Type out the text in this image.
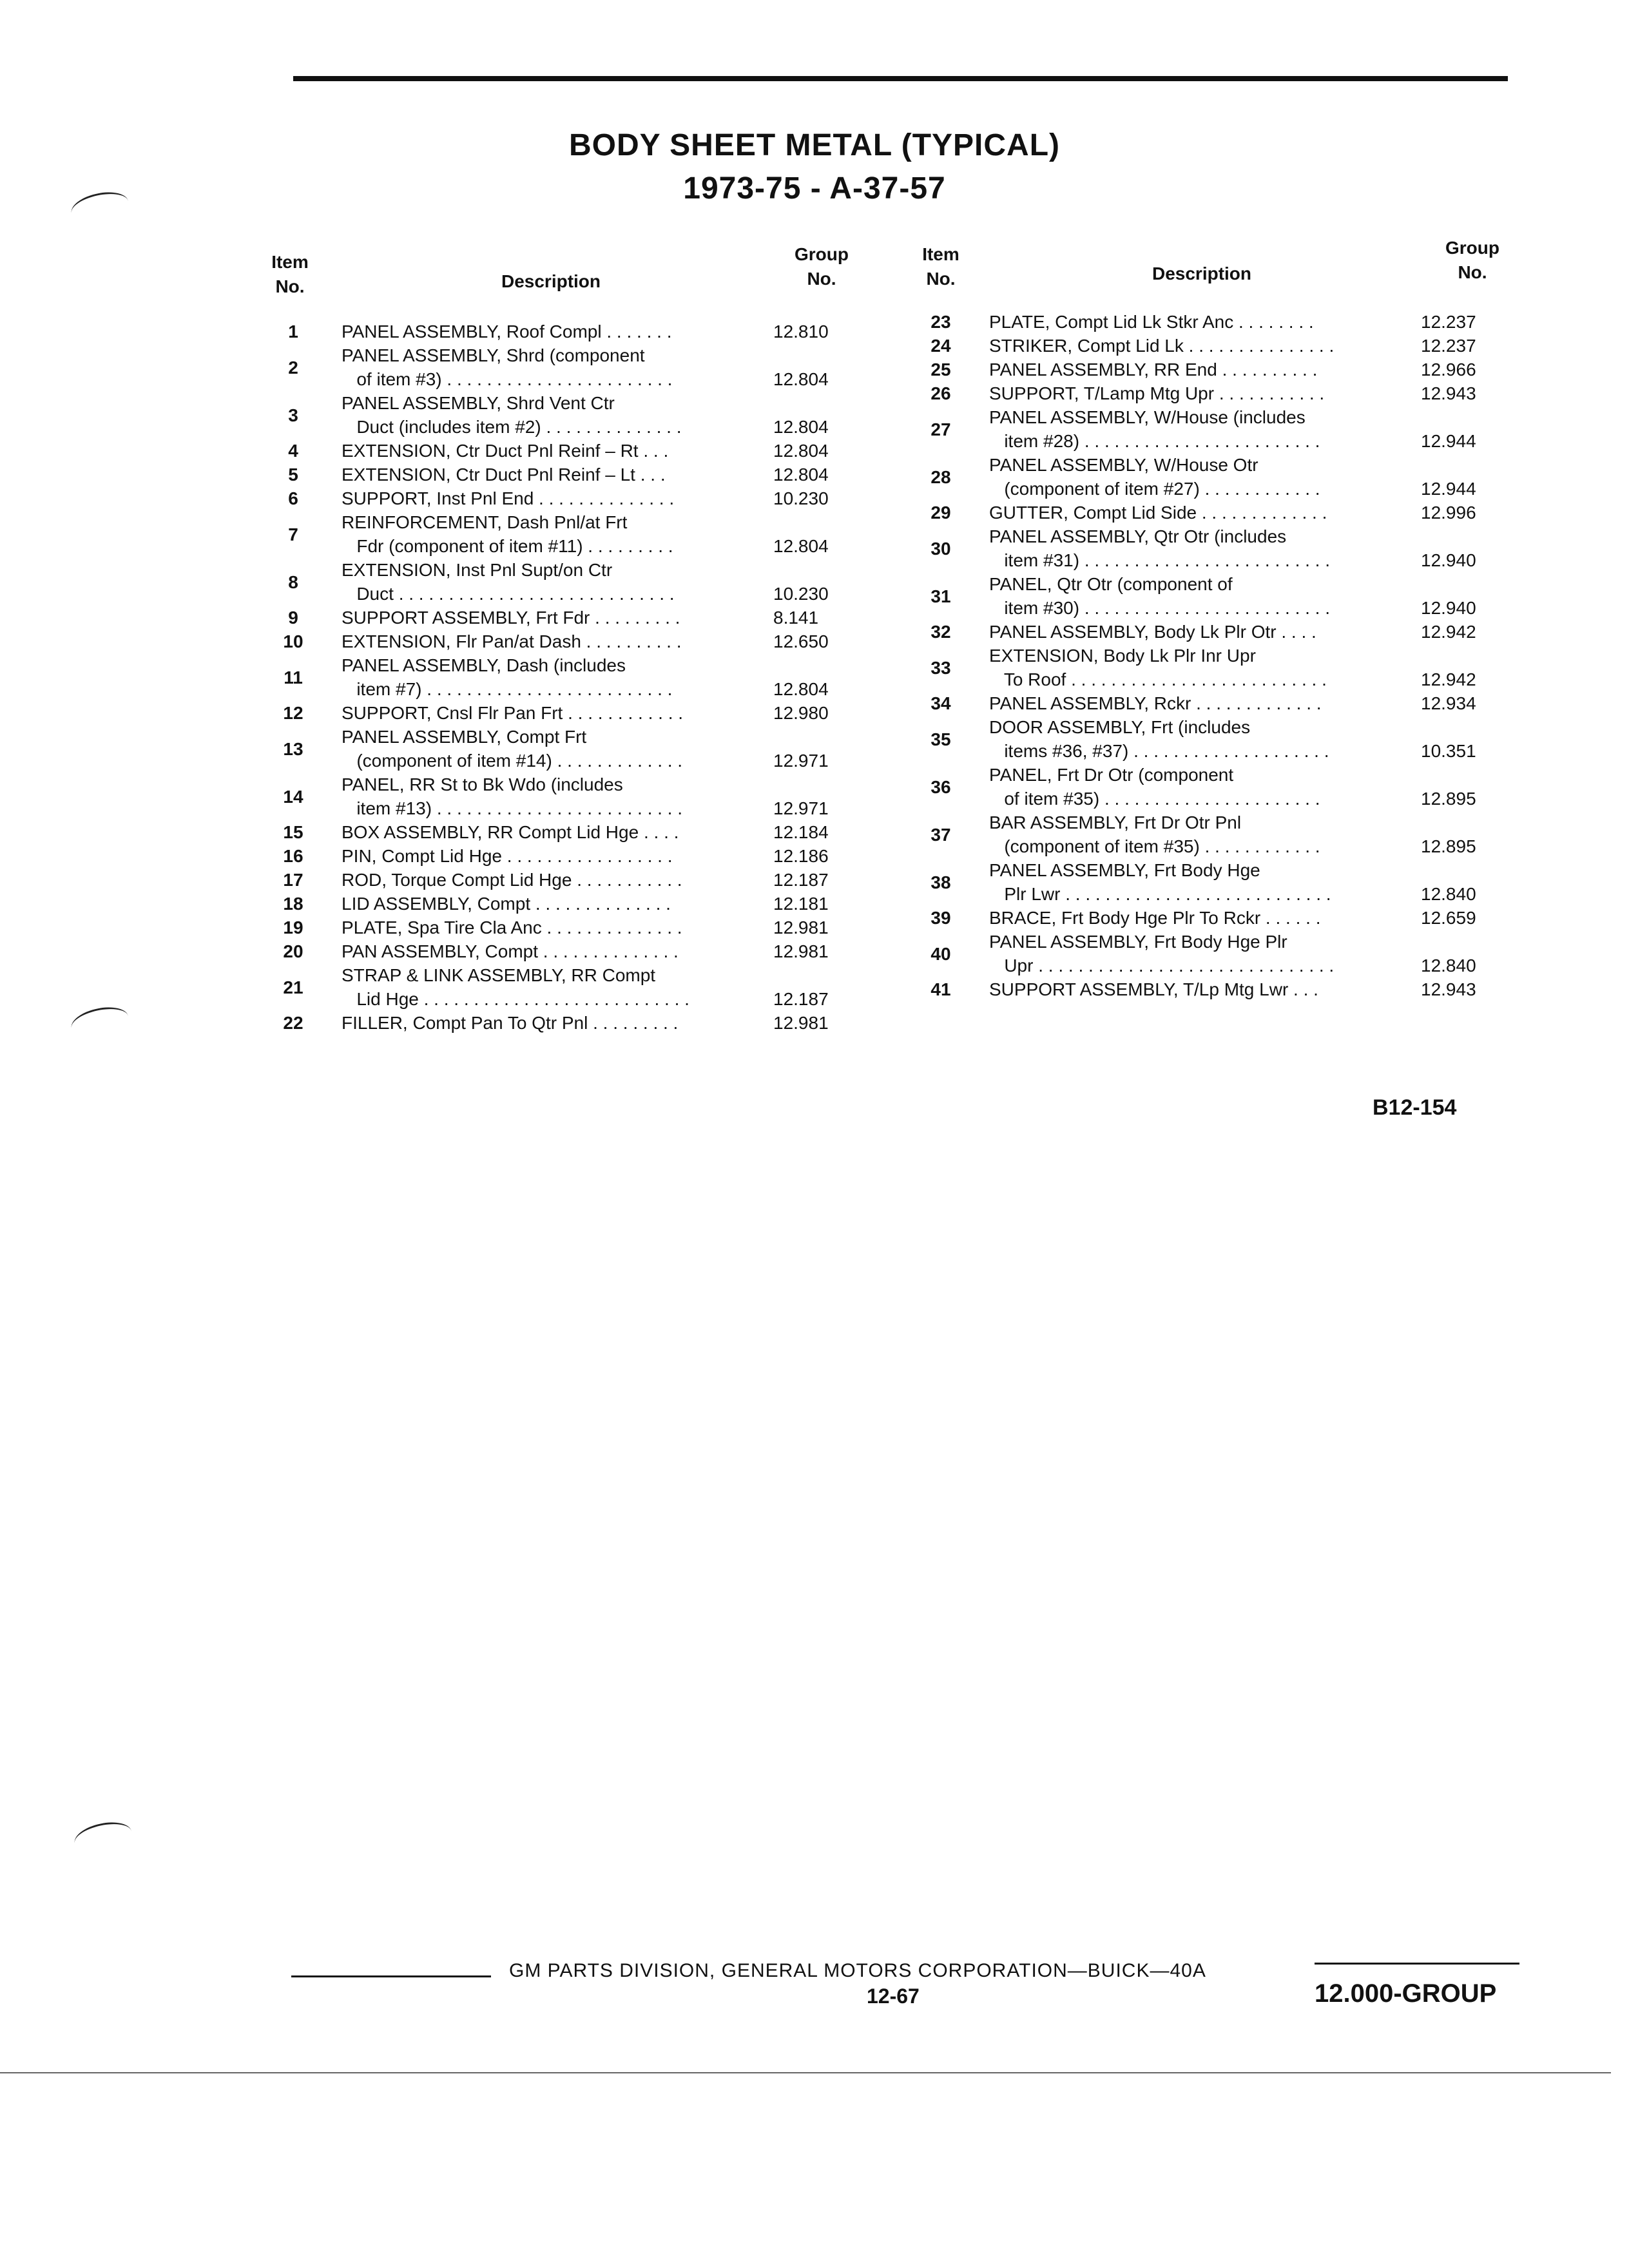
BODY SHEET METAL (TYPICAL)
1973-75 - A-37-57
Item No.	Description
Group No.
Item No.	Description
Group No.
1	PANEL ASSEMBLY, Roof Compl . . . . . . .	12.810
2
PANEL ASSEMBLY, Shrd (component
of item #3) . . . . . . . . . . . . . . . . . . . . . . .	12.804
3
PANEL ASSEMBLY, Shrd Vent Ctr
Duct (includes item #2) . . . . . . . . . . . . . .	12.804
4	EXTENSION, Ctr Duct Pnl Reinf – Rt . . .	12.804
5	EXTENSION, Ctr Duct Pnl Reinf – Lt . . .	12.804
6	SUPPORT, Inst Pnl End . . . . . . . . . . . . . .	10.230
7
REINFORCEMENT, Dash Pnl/at Frt
Fdr (component of item #11) . . . . . . . . .	12.804
8
EXTENSION, Inst Pnl Supt/on Ctr
Duct . . . . . . . . . . . . . . . . . . . . . . . . . . . .	10.230
9	SUPPORT ASSEMBLY, Frt Fdr . . . . . . . . .	8.141
10	EXTENSION, Flr Pan/at Dash . . . . . . . . . .	12.650
11
PANEL ASSEMBLY, Dash (includes
item #7) . . . . . . . . . . . . . . . . . . . . . . . . .	12.804
12	SUPPORT, Cnsl Flr Pan Frt . . . . . . . . . . . .	12.980
13
PANEL ASSEMBLY, Compt Frt
(component of item #14) . . . . . . . . . . . . .	12.971
14
PANEL, RR St to Bk Wdo (includes
item #13) . . . . . . . . . . . . . . . . . . . . . . . . .	12.971
15	BOX ASSEMBLY, RR Compt Lid Hge . . . .	12.184
16	PIN, Compt Lid Hge . . . . . . . . . . . . . . . . .	12.186
17	ROD, Torque Compt Lid Hge . . . . . . . . . . .	12.187
18	LID ASSEMBLY, Compt . . . . . . . . . . . . . .	12.181
19	PLATE, Spa Tire Cla Anc . . . . . . . . . . . . . .	12.981
20	PAN ASSEMBLY, Compt . . . . . . . . . . . . . .	12.981
21
STRAP & LINK ASSEMBLY, RR Compt
Lid Hge . . . . . . . . . . . . . . . . . . . . . . . . . . .	12.187
22	FILLER, Compt Pan To Qtr Pnl . . . . . . . . .	12.981
23	PLATE, Compt Lid Lk Stkr Anc . . . . . . . .	12.237
24	STRIKER, Compt Lid Lk . . . . . . . . . . . . . . .	12.237
25	PANEL ASSEMBLY, RR End . . . . . . . . . .	12.966
26	SUPPORT, T/Lamp Mtg Upr . . . . . . . . . . .	12.943
27
PANEL ASSEMBLY, W/House (includes
item #28) . . . . . . . . . . . . . . . . . . . . . . . .	12.944
28
PANEL ASSEMBLY, W/House Otr
(component of item #27) . . . . . . . . . . . .	12.944
29	GUTTER, Compt Lid Side . . . . . . . . . . . . .	12.996
30
PANEL ASSEMBLY, Qtr Otr (includes
item #31) . . . . . . . . . . . . . . . . . . . . . . . . .	12.940
31
PANEL, Qtr Otr (component of
item #30) . . . . . . . . . . . . . . . . . . . . . . . . .	12.940
32	PANEL ASSEMBLY, Body Lk Plr Otr . . . .	12.942
33
EXTENSION, Body Lk Plr Inr Upr
To Roof . . . . . . . . . . . . . . . . . . . . . . . . . .	12.942
34	PANEL ASSEMBLY, Rckr . . . . . . . . . . . . .	12.934
35
DOOR ASSEMBLY, Frt (includes
items #36, #37) . . . . . . . . . . . . . . . . . . . .	10.351
36
PANEL, Frt Dr Otr (component
of item #35) . . . . . . . . . . . . . . . . . . . . . .	12.895
37
BAR ASSEMBLY, Frt Dr Otr Pnl
(component of item #35) . . . . . . . . . . . .	12.895
38
PANEL ASSEMBLY, Frt Body Hge
Plr Lwr . . . . . . . . . . . . . . . . . . . . . . . . . . .	12.840
39	BRACE, Frt Body Hge Plr To Rckr . . . . . .	12.659
40
PANEL ASSEMBLY, Frt Body Hge Plr
Upr . . . . . . . . . . . . . . . . . . . . . . . . . . . . . .	12.840
41	SUPPORT ASSEMBLY, T/Lp Mtg Lwr . . .	12.943
B12-154
GM PARTS DIVISION, GENERAL MOTORS CORPORATION—BUICK—40A
12-67	12.000-GROUP
